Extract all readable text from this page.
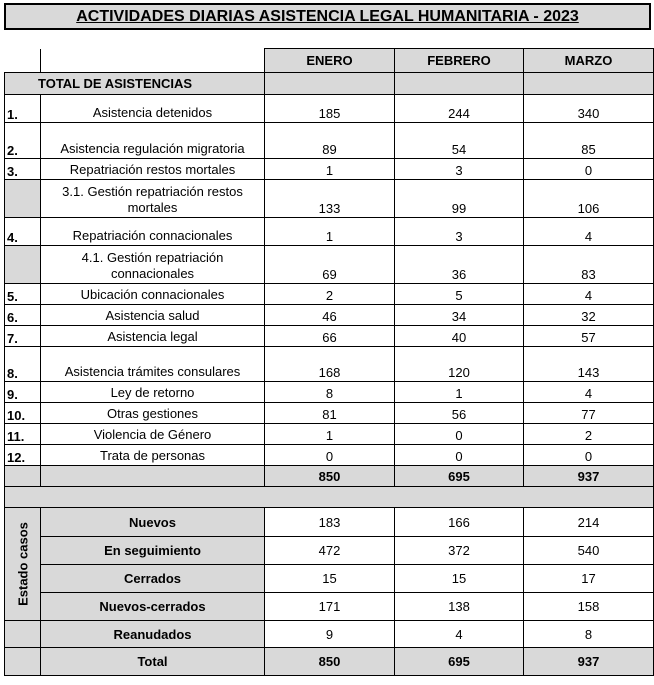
ACTIVIDADES DIARIAS ASISTENCIA LEGAL HUMANITARIA - 2023
		ENERO	FEBRERO	MARZO
TOTAL DE ASISTENCIAS				
1.	Asistencia detenidos	185	244	340
2.	Asistencia regulación migratoria	89	54	85
3.	Repatriación restos mortales	1	3	0
	3.1. Gestión repatriación restos mortales	133	99	106
4.	Repatriación connacionales	1	3	4
	4.1. Gestión repatriación connacionales	69	36	83
5.	Ubicación connacionales	2	5	4
6.	Asistencia salud	46	34	32
7.	Asistencia legal	66	40	57
8.	Asistencia trámites consulares	168	120	143
9.	Ley de retorno	8	1	4
10.	Otras gestiones	81	56	77
11.	Violencia de Género	1	0	2
12.	Trata de personas	0	0	0
		850	695	937

Estado casos	Nuevos	183	166	214
	En seguimiento	472	372	540
	Cerrados	15	15	17
	Nuevos-cerrados	171	138	158
	Reanudados	9	4	8
	Total	850	695	937
